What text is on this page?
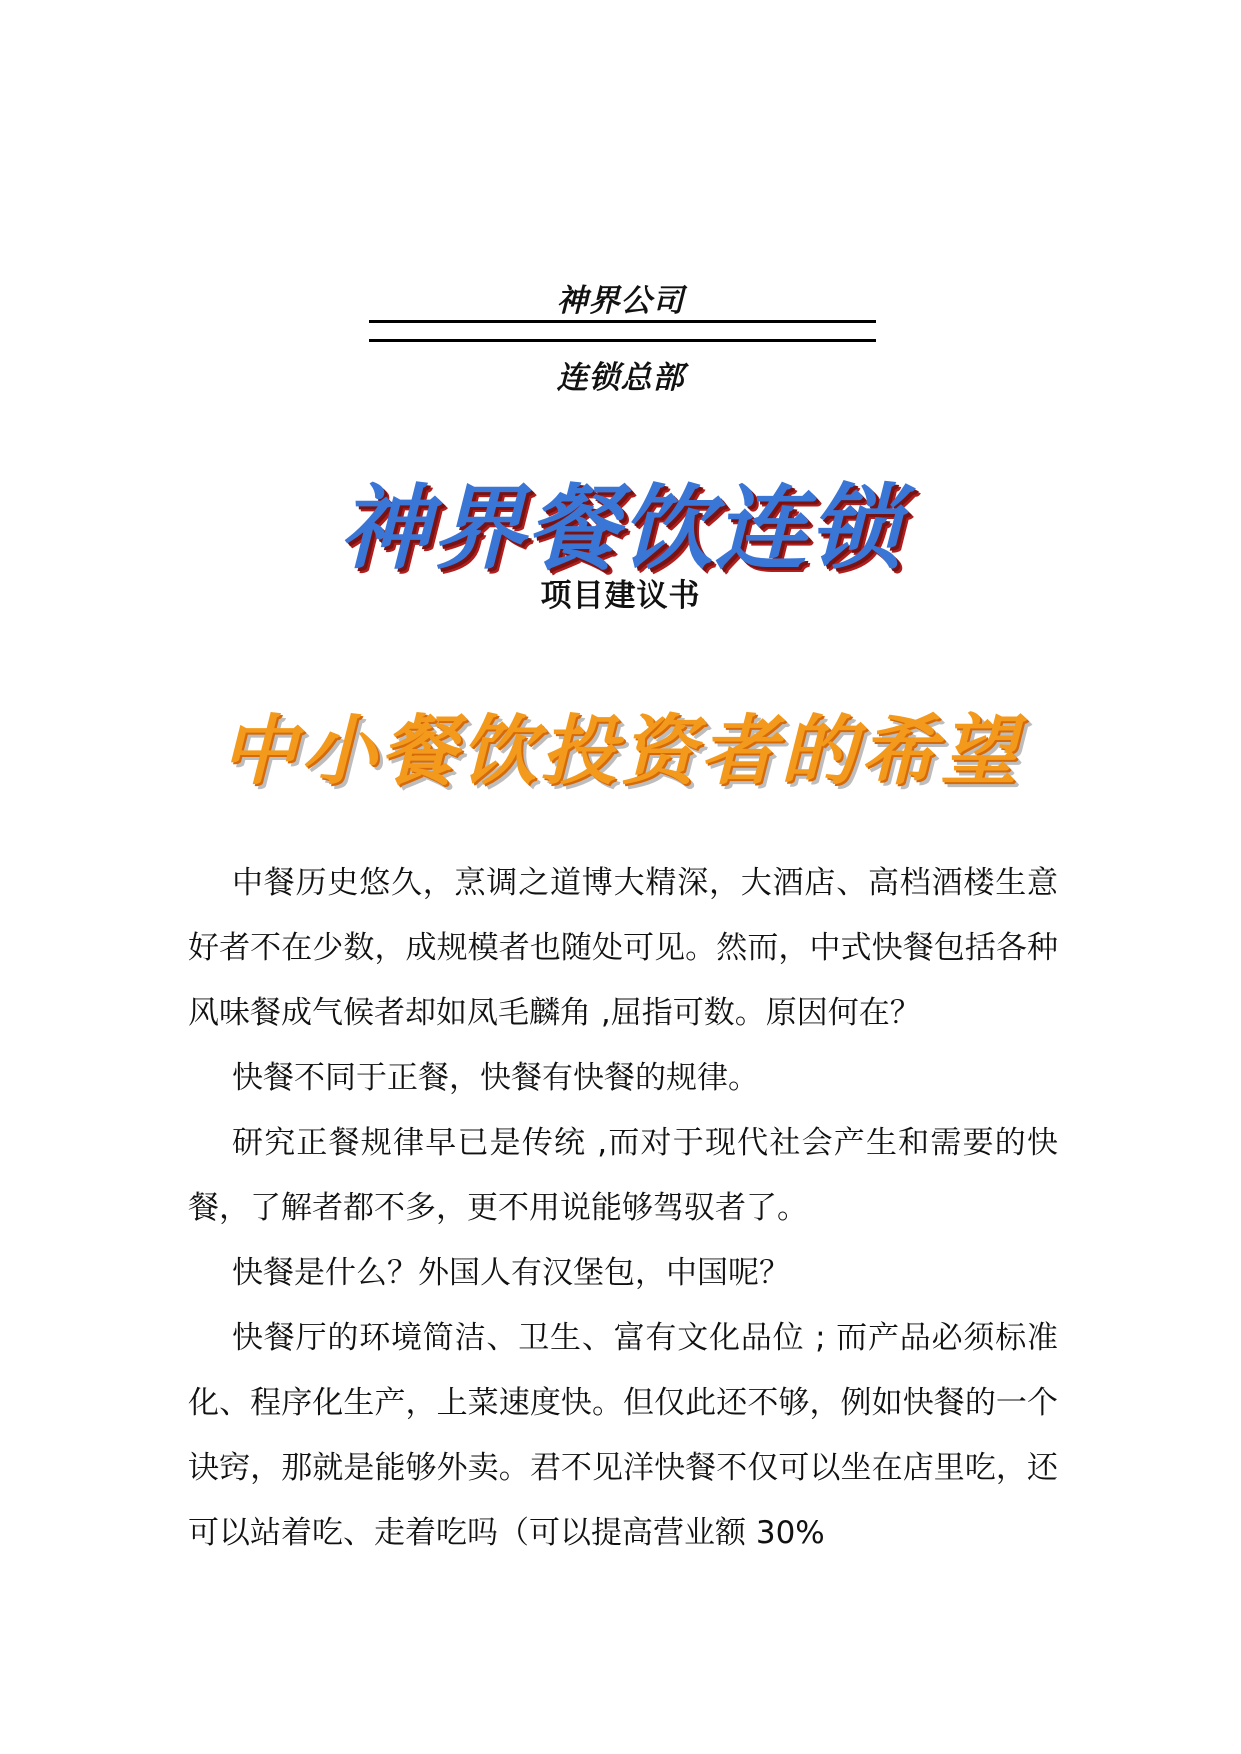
神界公司
连锁总部
神界餐饮连锁
项目建议书
中小餐饮投资者的希望

中餐历史悠久，烹调之道博大精深，大酒店、高档酒楼生意好者不在少数，成规模者也随处可见。然而，中式快餐包括各种风味餐成气候者却如凤毛麟角 ,屈指可数。原因何在？

快餐不同于正餐，快餐有快餐的规律。

研究正餐规律早已是传统 ,而对于现代社会产生和需要的快餐，了解者都不多，更不用说能够驾驭者了。

快餐是什么？外国人有汉堡包，中国呢？

快餐厅的环境简洁、卫生、富有文化品位 ; 而产品必须标准化、程序化生产，上菜速度快。但仅此还不够，例如快餐的一个诀窍，那就是能够外卖。君不见洋快餐不仅可以坐在店里吃，还可以站着吃、走着吃吗（可以提高营业额 30%
